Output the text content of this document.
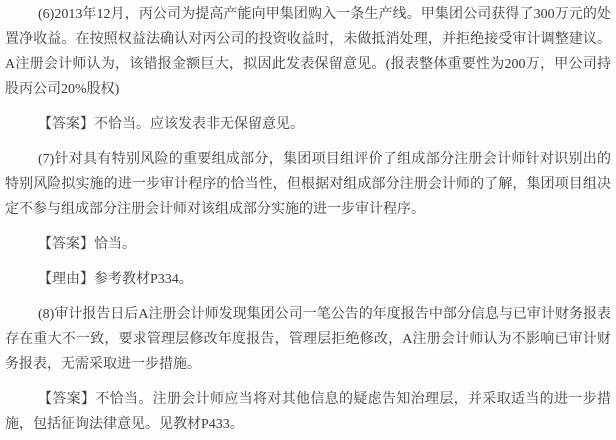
(6)2013年12月，丙公司为提高产能向甲集团购入一条生产线。甲集团公司获得了300万元的处置净收益。在按照权益法确认对丙公司的投资收益时，未做抵消处理，并拒绝接受审计调整建议。A注册会计师认为，该错报金额巨大，拟因此发表保留意见。(报表整体重要性为200万，甲公司持股丙公司20%股权)

【答案】不恰当。应该发表非无保留意见。

(7)针对具有特别风险的重要组成部分，集团项目组评价了组成部分注册会计师针对识别出的特别风险拟实施的进一步审计程序的恰当性，但根据对组成部分注册会计师的了解，集团项目组决定不参与组成部分注册会计师对该组成部分实施的进一步审计程序。

【答案】恰当。

【理由】参考教材P334。

(8)审计报告日后A注册会计师发现集团公司一笔公告的年度报告中部分信息与已审计财务报表存在重大不一致，要求管理层修改年度报告，管理层拒绝修改，A注册会计师认为不影响已审计财务报表，无需采取进一步措施。

【答案】不恰当。注册会计师应当将对其他信息的疑虑告知治理层，并采取适当的进一步措施，包括征询法律意见。见教材P433。
